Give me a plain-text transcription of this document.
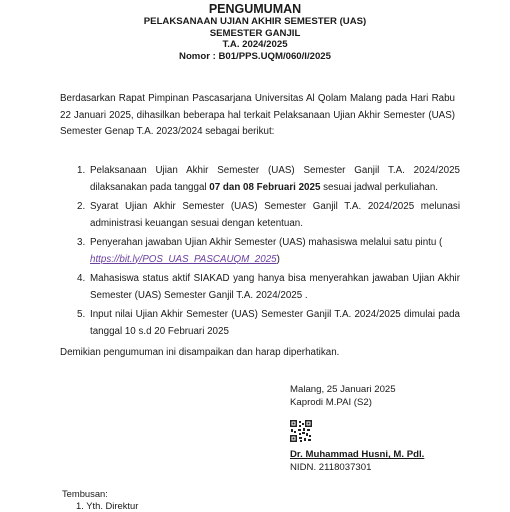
PENGUMUMAN
PELAKSANAAN UJIAN AKHIR SEMESTER (UAS)
SEMESTER GANJIL
T.A. 2024/2025
Nomor : B01/PPS.UQM/060/I/2025
Berdasarkan Rapat Pimpinan Pascasarjana Universitas Al Qolam Malang pada Hari Rabu 22 Januari 2025, dihasilkan beberapa hal terkait Pelaksanaan Ujian Akhir Semester (UAS) Semester Genap T.A. 2023/2024 sebagai berikut:
1. Pelaksanaan Ujian Akhir Semester (UAS) Semester Ganjil T.A. 2024/2025 dilaksanakan pada tanggal 07 dan 08 Februari 2025 sesuai jadwal perkuliahan.
2. Syarat Ujian Akhir Semester (UAS) Semester Ganjil T.A. 2024/2025 melunasi administrasi keuangan sesuai dengan ketentuan.
3. Penyerahan jawaban Ujian Akhir Semester (UAS) mahasiswa melalui satu pintu (
https://bit.ly/POS_UAS_PASCAUQM_2025)
4. Mahasiswa status aktif SIAKAD yang hanya bisa menyerahkan jawaban Ujian Akhir Semester (UAS) Semester Ganjil T.A. 2024/2025 .
5. Input nilai Ujian Akhir Semester (UAS) Semester Ganjil T.A. 2024/2025 dimulai pada tanggal 10 s.d 20 Februari 2025
Demikian pengumuman ini disampaikan dan harap diperhatikan.
Malang, 25 Januari 2025
Kaprodi M.PAI (S2)
Dr. Muhammad Husni, M. Pdl.
NIDN. 2118037301
Tembusan:
1. Yth. Direktur
